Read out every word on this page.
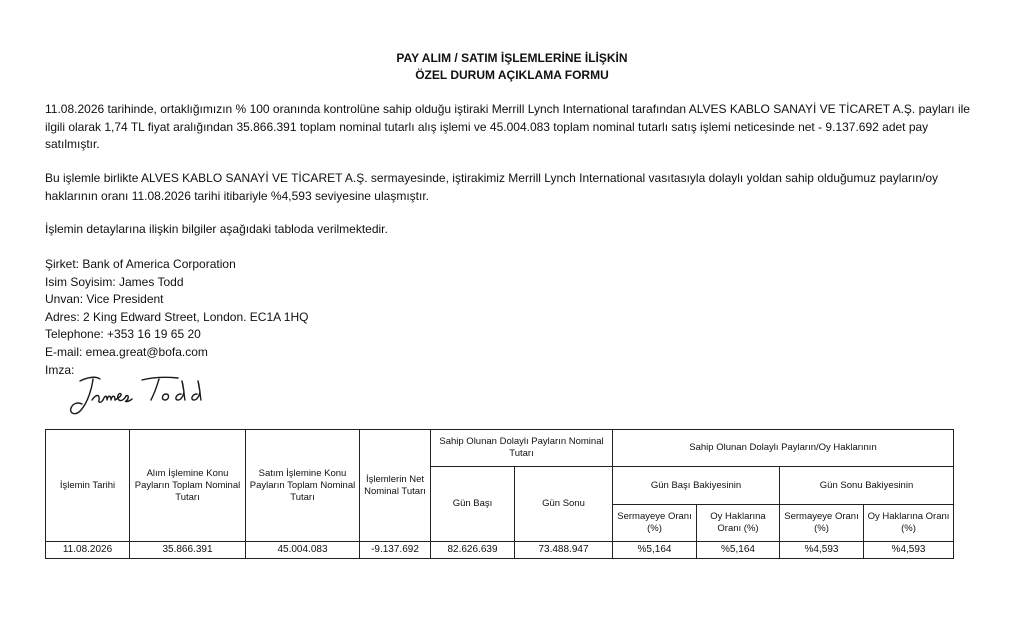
PAY ALIM / SATIM İŞLEMLERİNE İLİŞKİN
ÖZEL DURUM AÇIKLAMA FORMU
11.08.2026 tarihinde, ortaklığımızın % 100 oranında kontrolüne sahip olduğu iştiraki Merrill Lynch International tarafından ALVES KABLO SANAYİ VE TİCARET A.Ş. payları ile ilgili olarak 1,74 TL fiyat aralığından 35.866.391 toplam nominal tutarlı alış işlemi ve 45.004.083 toplam nominal tutarlı satış işlemi neticesinde net - 9.137.692 adet pay satılmıştır.
Bu işlemle birlikte ALVES KABLO SANAYİ VE TİCARET A.Ş. sermayesinde, iştirakimiz Merrill Lynch International vasıtasıyla dolaylı yoldan sahip olduğumuz payların/oy haklarının oranı 11.08.2026 tarihi itibariyle %4,593 seviyesine ulaşmıştır.
İşlemin detaylarına ilişkin bilgiler aşağıdaki tabloda verilmektedir.
Şirket: Bank of America Corporation
Isim Soyisim: James Todd
Unvan: Vice President
Adres: 2 King Edward Street, London. EC1A 1HQ
Telephone: +353 16 19 65 20
E-mail: emea.great@bofa.com
Imza:
İşlemin Tarihi	Alım İşlemine Konu Payların Toplam Nominal Tutarı	Satım İşlemine Konu Payların Toplam Nominal Tutarı	İşlemlerin Net Nominal Tutarı	Sahip Olunan Dolaylı Payların Nominal Tutarı		Sahip Olunan Dolaylı Payların/Oy Haklarının			
				Gün Başı	Gün Sonu	Gün Başı Bakiyesinin		Gün Sonu Bakiyesinin	
						Sermayeye Oranı (%)	Oy Haklarına Oranı (%)	Sermayeye Oranı (%)	Oy Haklarına Oranı (%)
11.08.2026	35.866.391	45.004.083	-9.137.692	82.626.639	73.488.947	%5,164	%5,164	%4,593	%4,593
